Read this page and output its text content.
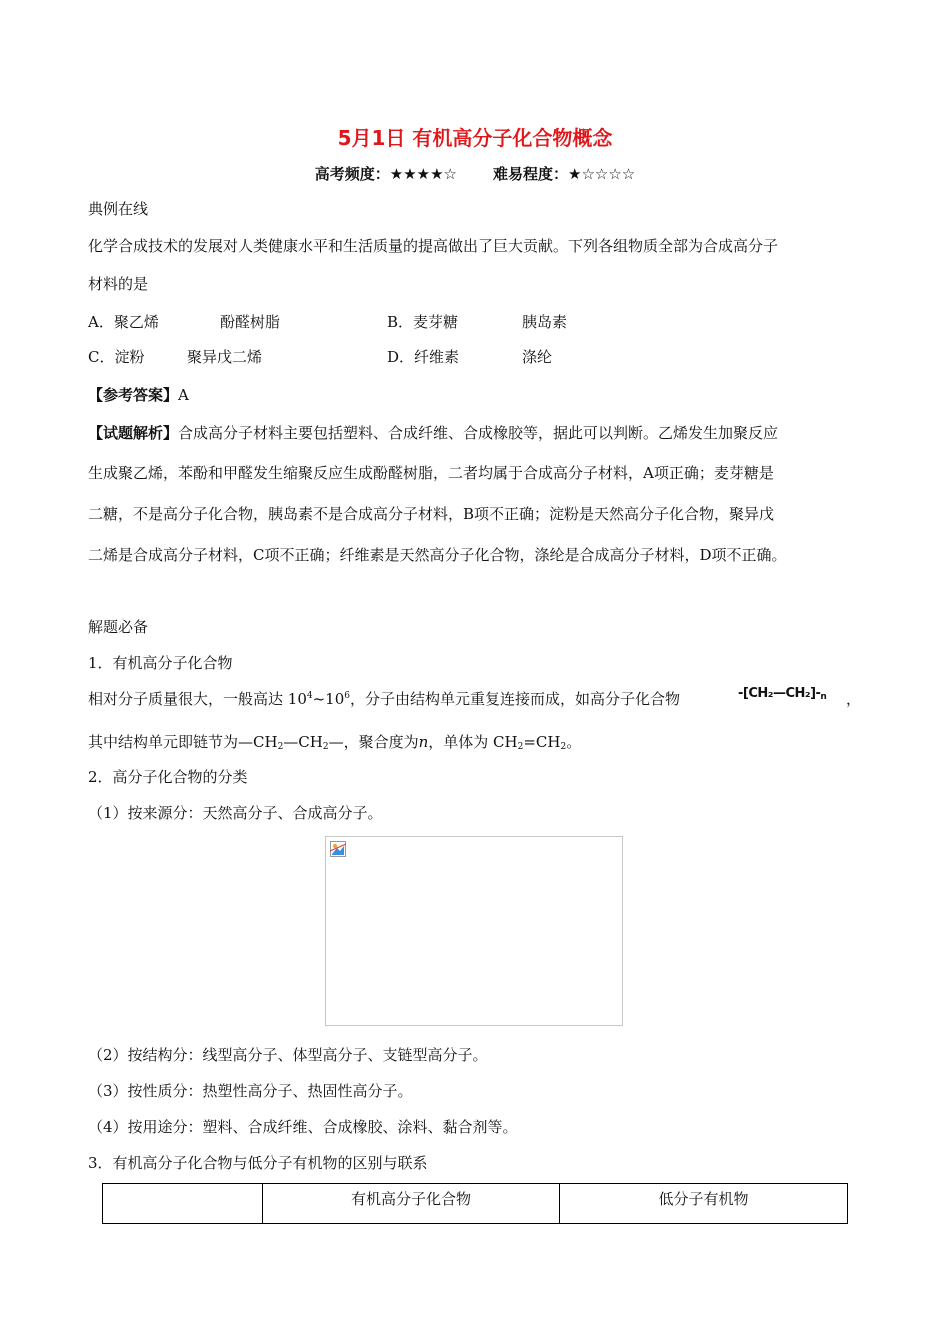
5月1日 有机高分子化合物概念
高考频度：★★★★☆ 难易程度：★☆☆☆☆
典例在线
化学合成技术的发展对人类健康水平和生活质量的提高做出了巨大贡献。下列各组物质全部为合成高分子
材料的是
A．聚乙烯	酚醛树脂	B．麦芽糖	胰岛素
C．淀粉	聚异戊二烯	D．纤维素	涤纶
【参考答案】A
【试题解析】合成高分子材料主要包括塑料、合成纤维、合成橡胶等，据此可以判断。乙烯发生加聚反应
生成聚乙烯，苯酚和甲醛发生缩聚反应生成酚醛树脂，二者均属于合成高分子材料，A项正确；麦芽糖是
二糖，不是高分子化合物，胰岛素不是合成高分子材料，B项不正确；淀粉是天然高分子化合物，聚异戊
二烯是合成高分子材料，C项不正确；纤维素是天然高分子化合物，涤纶是合成高分子材料，D项不正确。
解题必备
1．有机高分子化合物
相对分子质量很大，一般高达 $10^4\sim 10^6$，分子由结构单元重复连接而成，如高分子化合物	$-[CH_2—CH_2]-_n$ ，
其中结构单元即链节为$—CH_2—CH_2—$，聚合度为n，单体为 $CH_2=CH_2$。
2．高分子化合物的分类
（1）按来源分：天然高分子、合成高分子。
（2）按结构分：线型高分子、体型高分子、支链型高分子。
（3）按性质分：热塑性高分子、热固性高分子。
（4）按用途分：塑料、合成纤维、合成橡胶、涂料、黏合剂等。
3．有机高分子化合物与低分子有机物的区别与联系
	有机高分子化合物	低分子有机物
